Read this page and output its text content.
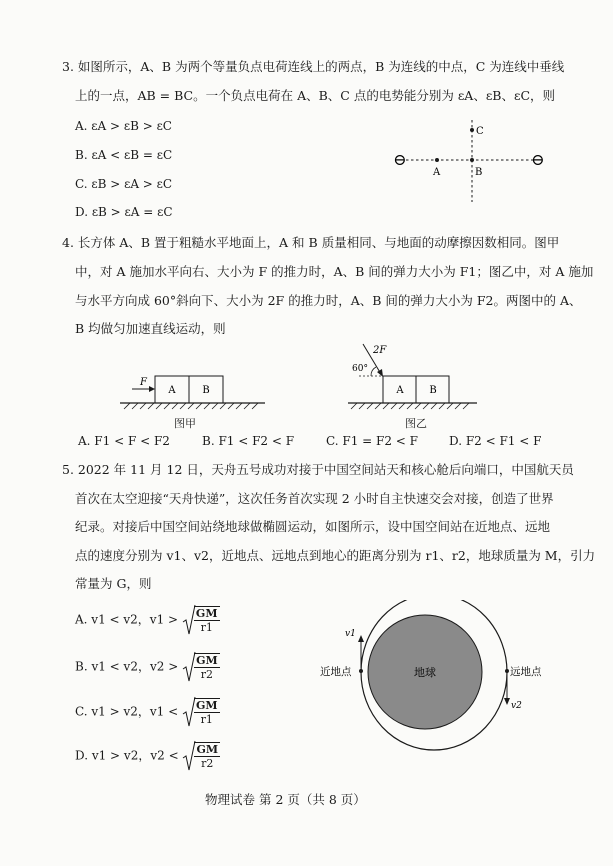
3. 如图所示，A、B 为两个等量负点电荷连线上的两点，B 为连线的中点，C 为连线中垂线
上的一点，AB = BC。一个负点电荷在 A、B、C 点的电势能分别为 εA、εB、εC，则
A. εA > εB > εC
B. εA < εB = εC
C. εB > εA > εC
D. εB > εA = εC
⊖	⊖
A	B
C
4. 长方体 A、B 置于粗糙水平地面上，A 和 B 质量相同、与地面的动摩擦因数相同。图甲
中，对 A 施加水平向右、大小为 F 的推力时，A、B 间的弹力大小为 F1；图乙中，对 A 施加
与水平方向成 60°斜向下、大小为 2F 的推力时，A、B 间的弹力大小为 F2。两图中的 A、
B 均做匀加速直线运动，则
F
A	B
图甲
2F
60°
A	B
图乙
A. F1 < F < F2	B. F1 < F2 < F	C. F1 = F2 < F	D. F2 < F1 < F
5. 2022 年 11 月 12 日，天舟五号成功对接于中国空间站天和核心舱后向端口，中国航天员
首次在太空迎接“天舟快递”，这次任务首次实现 2 小时自主快速交会对接，创造了世界
纪录。对接后中国空间站绕地球做椭圆运动，如图所示，设中国空间站在近地点、远地
点的速度分别为 v1、v2，近地点、远地点到地心的距离分别为 r1、r2，地球质量为 M，引力
常量为 G，则
A. v1 < v2，$v1 > \frac{GM}{r1}$
B. v1 < v2，$v2 > \frac{GM}{r2}$
C. v1 > v2，$v1 < \frac{GM}{r1}$
D. v1 > v2，$v2 < \frac{GM}{r2}$
地球
近地点	远地点
v1
v2
物理试卷 第 2 页（共 8 页）
